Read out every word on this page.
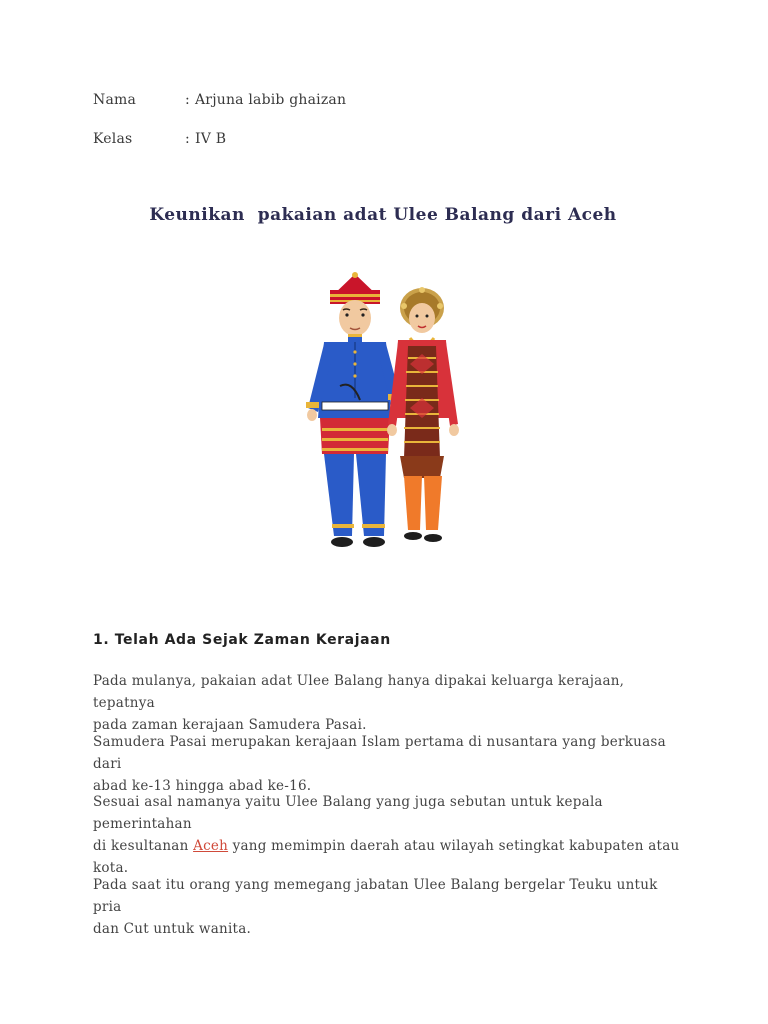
Nama	: Arjuna labib ghaizan
Kelas	: IV B
Keunikan  pakaian adat Ulee Balang dari Aceh
1. Telah Ada Sejak Zaman Kerajaan

Pada mulanya, pakaian adat Ulee Balang hanya dipakai keluarga kerajaan, tepatnya
pada zaman kerajaan Samudera Pasai.

Samudera Pasai merupakan kerajaan Islam pertama di nusantara yang berkuasa dari
abad ke-13 hingga abad ke-16.

Sesuai asal namanya yaitu Ulee Balang yang juga sebutan untuk kepala pemerintahan
di kesultanan Aceh yang memimpin daerah atau wilayah setingkat kabupaten atau
kota.

Pada saat itu orang yang memegang jabatan Ulee Balang bergelar Teuku untuk pria
dan Cut untuk wanita.
